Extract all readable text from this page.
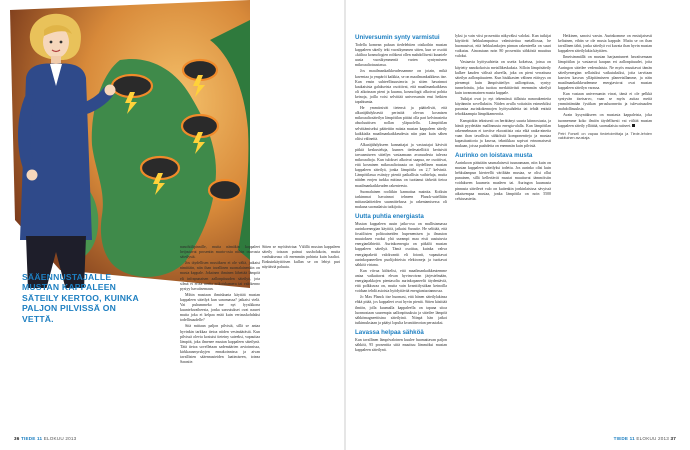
SÄÄENNUSTAJALLE MUSTAN KAPPALEEN SÄTEILY KERTOO, KUINKA PALJON PILVISSÄ ON VETTÄ.

nanohiilipinnille, mutta nämäkin kappaleet heijastavat prosentin murto-osia niihin osuvasta säteilystä.

Jos täydellisen mustiksen ei ole väliä, jatkaisi nimittäin, niin ihan tavallinen suomalainenkin on musta kappale. Jokainen ihminen lähettää lämpöä eli infrapunaisen aallonpituuden säteilyä, jota silmä ei erota mutta erikoiskamera tai valokenno pystyy havaitsemaan.

Mihin mustaan ihmiskunta käyttää mustan kappaleen säteilyä kun sanomassa? jatkaisi vielä. Vai puhummeko me nyt fyysikkona kuunteluvaiheesta, jonka saavutukset ovat nauret mutta joka ei kelpaa enää kuin vertauskohdaksi todellisuudelle?

Sitä mittaan paljon pilvistä, sillä se antaa hyvinkin tarkkaa tietoa niiden vesimäärästä. Kun pilvissä olevia kostuisi tieteiny suteeksi, vapauttaa lämpöä, joka ilmenee mustan kappaleen säteilynä. Tätä tietoa sovelletaan sademäärien arvioinnissa, kirkkausmyrskyjen ennakoinnissa ja aivan tavallisten sääennusteiden laatimiseen, toteaa Sarastie.

Sitten se myötävirtaa: Välillä mustan kappaleen säteily toisaan painui uusbolukoin, mutta vanhukseusa oli enemmän pohinta kuin haaltoi. Einkuinkäyttöisen kullan se on lehtyt pari näyttäviä paluuta.

36 TIEDE 11 ELOKUU 2013
Universumin synty varmistui

Todella komean paluun tiedelehtien otsikoihin mustan kappaleen säteily teki vuosikymmen sitten, kun se osoitti »kiiltoa kosmologien roihkeat ollen mahdollisesti kuuntele uusia vuosikymmentä varten syntymiseen mikroaaltotaustassa.

Jos maailmankaikkeudessamme on jotain, mikä kaventaa ja ympäröi kaikkia, se on maailmankaikkeus itse. Kun ensin suhteellisuusteoria ja sitten havainnot kaukaisista galakseista osoittivat, että maailmankaikkeus oli aikoinaan pieni ja kuuma, kosmologit alkoivat pohtia keinoja, joilla voisi selvittää universumin ensi hetkien tapahtumia.

He ymmärsivät tietensä ja päättelivät, että alkuräjähdyksestä perintöä olevan kosmisen mikroaaltosäteilyn lämpötilan pitäisi olla pari kelvinasteita absoluuttisen nollan yläpuolella. Lämpötilan selvittämiseksi päätettiin mitata mustan kappaleen säteily kaikkialta maailmankaikkeudesta niin pian kuin sähen oliisi välineitä.

Alkuräjähdykseen kannattajat ja vastustajat kävivät pitkiä keskusteluja, kunnes tiedesatelliitit keräsivät tarvaamiseen säteilyn vastaamaan avaruudesta tulevaa mikroaaltoja. Kun tulokset alkoivat saapua, ne osoittivat, että kosminen mikroaaltotausta on täydellinen mustan kappaleen säteilyä, jonka lämpötila on 2,7 kelviniä. Lämpötilassa esiintyy pieniä paikallisia vaihteluja, mutta näiden erojen tarkka mittaus on tuottanut tärkeää tietoa maailmankaikkeuden rakenteesta.

Suomalainen rooliikin kannattaa mainita. Koiksin tarkimmat havainnot tehneen Planck-satelliitin mittauslaitteiden suunnittelussa ja rakentamisessa oli mukana suomalaisia tutkijoita.

Uutta puhtia energiasta

Mustan kappaleen asuin jatko-osa on mullistamassa aurinkoenergian käyttöä, jatkaisi Sarastie. He selittää, että fossiilisten polttoaineiden hupenemisen ja ilmaston muutoksen vuoksi yhä useampi maa etsii uusiutuvia energianlähteitä. Aurinkoenergia on pitkälti mustan kappaleen säteilyä. Tämä osoittaa, kuinka vahva energiapaketti valokvantit eli fotonit, vapauttavat aurinkopaneelien puolijohteista elektroneja ja tuottavat sähköä virtana.

Kun viivaa kiihtelisi, että maailmankaikkeutemme antaa vaikuttavat ehvan hyvinvoivan järjestelmään, energiapakkojen pientasolta aurinkopaneelit täydentäviä, että polkkuvaa on, mutta vain kvanttifysiikan keinoilla voidaan tehdä asioista hyödyttävää energiantuotannossa.

Jo Max Planck itse huomasi, että hänen säteilylakinsa ehkä pitää, jos kappaleet ovat hyvin pieniä. Sitten käsittää ilmiön, jolla kuumalla kappaleella on tapana sitoa luonnostaan suurempia aallonpituuksia ja säteilee lämpöä sähkömagneettisina säteilyinä. Niinpä hän jatkoi tutkimuksiaan ja päätyi lopulta kvanttiteorian perustaksi.

Lavassa helpaa sähköä

Kun tavallinen lämpövaloinen kuulee huomattavan paljon sähköä, 95 prosenttia siitä muuttuu lämmöksi mustan kappaleen säteilynä.

lyksi ja vain viisi prosenttia näkyväksi valoksi. Kun tutkijat käyttivät hehkulampuissa valmistettua metalliosaa, he huomasivat, että hehkulankojen pinnan rakenteella on suuri vaikutus. Ainoastaan noin 80 prosenttia sähköstä muuttuu valoksi.

Vastaavia hyötysuhteita on useita kokeissa, joissa on käytetty nanokokoisia metallikeskuksia. Silloin lämpösäteily kulkee kauden välissä alueella, joka on pieni verrattuna säteilyn aallonpituuteen. Kun hiukkasten välinen etäisyys on pienempi kuin lämpösäteilyn aallonpituus, syntyy tunnelointia, joka tuottaa merkittävästi enemmän säteilyä kuin tavanomainen musta kappale.

Tutkijat ovat jo nyt tekemässä tällaisia nanorakenteita käytännön sovelluksiin. Niiden avulla voitaisiin esimerkiksi parantaa aurinkokennojen hyötysuhdetta tai tehdä entistä tehokkaampia lämpökameroita.

Kampiokin teknisesti on herättänyt suurta kiinnostusta, ja häntä pyydetään mallinnusta energia-alalla. Kun lämpötilan rakennelmaan ei tarvitse ekooattisia osia eikä raaka-aineita vaan ihan tavallisia sähköisiä komponentteja ja mustaa kapasitaattoria ja kasvaa, tekniikkaa sopivat erinomaisesti mukaan, joissa paahdetta on enemmän kuin pilvistä.

Aurinko on loistava musta

Aurinkoon päästään saumalaisesti tuunaamaan, niin kuin on mustan kappaleen säteilyksi todettu. Jos aurinko olisi kuin hehkulampun kierteellä väriltään mustaa, se olisi ollut punainen, sillä kellertävät mustat muuttuvat tämmöisiin voidakseen kuumeta maaleen tai. Auringon kuumasta pinnasta säteilevä valo on kuitenkin jonkinlaisissa sävyissä aikaisempaa mustaa, jonka lämpötila on noin 5500 celsiusastetta.

Hetkinen, sanoisi varsin. Aurinkomme on ensisijaisesti keltainen, eihän se ole musta kappale. Mutta se on ihan tavallinen tähti, jonka säteilyä voi kuvata ihan hyvin mustan kappaleen säteilylakia käyttäen.

Ilmeisimmällä on mustan harjaantuneet havaitsemaan lämpötilan ja vastaavat kaupan eri aallonpituudet, joita Auringon säteilee vedenalaista. Ne myös muuttavat tämän säteilyenergian sellaisiksi vaikutuksiksi, joita tarvitaan kasvien kasvun ylläpitämiseen planeetallamme, ja näin maailmankaikkeudemme energiavirrat ovat mustan kappaleen säteilyn varassa.

Kun vastaan universumin virrat, tämä ei ole pelkkä syntyvän itseisarvo, vaan se myös auttaa meitä ymmärtämään fysiikan perusluonnetta ja tulevaisuuden mahdollisuuksia.

Avain kysyntäkseen on mustasta kappaleista, joka tuonnemme koko ilmiön täydellisesti vai viiltää mustan kappaleen säteily yllättää, suomalaisia rutiseet.

Petri Forsell on vapaa tiedetoimittaja ja Tiede-lehden vakituinen avustaja.
TIEDE 11 ELOKUU 2013 37
